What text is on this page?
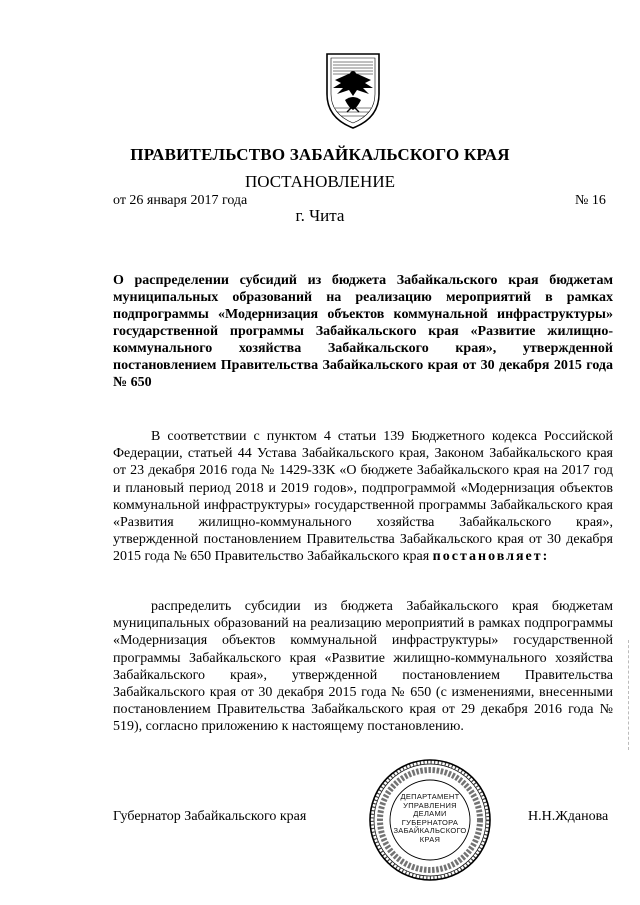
ПРАВИТЕЛЬСТВО ЗАБАЙКАЛЬСКОГО КРАЯ
ПОСТАНОВЛЕНИЕ
от 26 января 2017 года	№ 16
г. Чита
О распределении субсидий из бюджета Забайкальского края бюджетам муниципальных образований на реализацию мероприятий в рамках подпрограммы «Модернизация объектов коммунальной инфраструктуры» государственной программы Забайкальского края «Развитие жилищно-коммунального хозяйства Забайкальского края», утвержденной постановлением Правительства Забайкальского края от 30 декабря 2015 года № 650
В соответствии с пунктом 4 статьи 139 Бюджетного кодекса Российской Федерации, статьей 44 Устава Забайкальского края, Законом Забайкальского края от 23 декабря 2016 года № 1429-ЗЗК «О бюджете Забайкальского края на 2017 год и плановый период 2018 и 2019 годов», подпрограммой «Модернизация объектов коммунальной инфраструктуры» государственной программы Забайкальского края «Развития жилищно-коммунального хозяйства Забайкальского края», утвержденной постановлением Правительства Забайкальского края от 30 декабря 2015 года № 650 Правительство Забайкальского края постановляет:
распределить субсидии из бюджета Забайкальского края бюджетам муниципальных образований на реализацию мероприятий в рамках подпрограммы «Модернизация объектов коммунальной инфраструктуры» государственной программы Забайкальского края «Развитие жилищно-коммунального хозяйства Забайкальского края», утвержденной постановлением Правительства Забайкальского края от 30 декабря 2015 года № 650 (с изменениями, внесенными постановлением Правительства Забайкальского края от 29 декабря 2016 года № 519), согласно приложению к настоящему постановлению.
ДЕПАРТАМЕНТ
УПРАВЛЕНИЯ
ДЕЛАМИ
ГУБЕРНАТОРА
ЗАБАЙКАЛЬСКОГО
КРАЯ
Губернатор Забайкальского края	Н.Н.Жданова
